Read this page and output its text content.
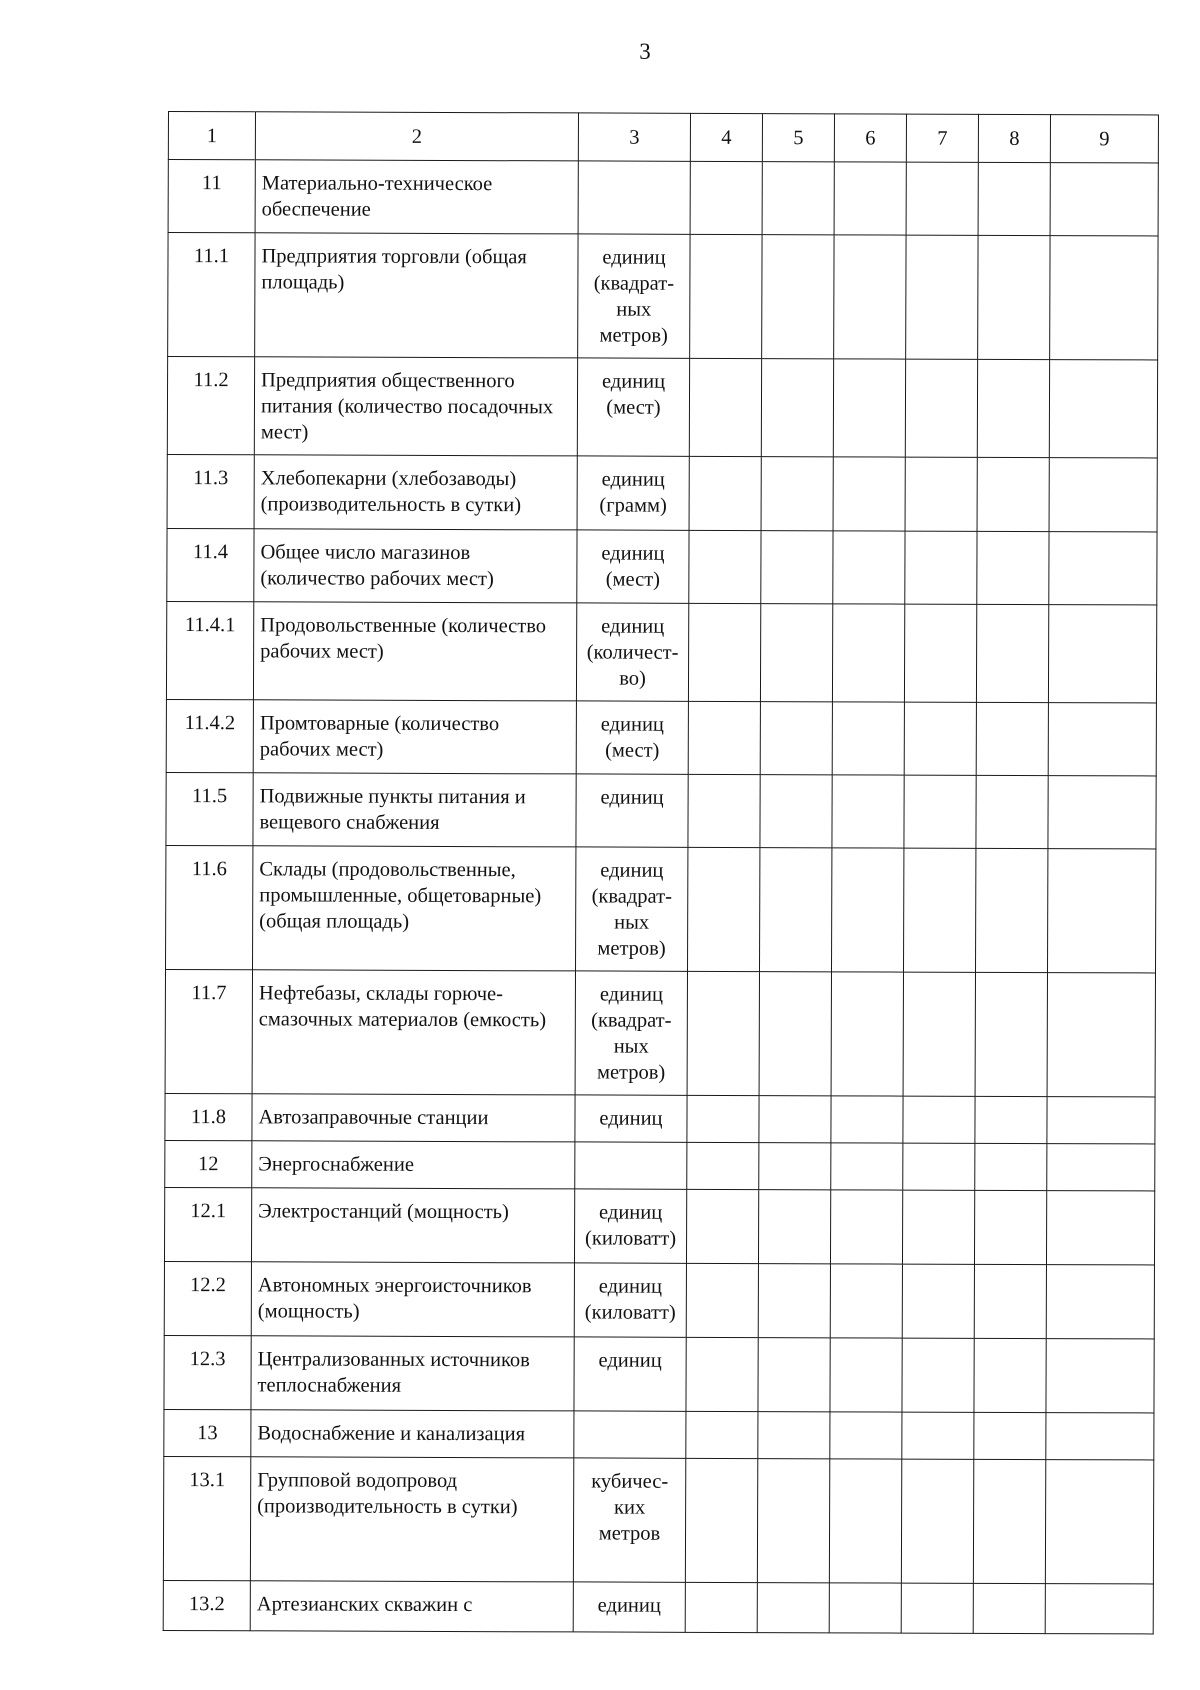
3
1	2	3	4	5	6	7	8	9
11	Материально-техническое обеспечение							
11.1	Предприятия торговли (общая площадь)	единиц
(квадрат-
ных
метров)						

11.2	Предприятия общественного питания (количество посадочных мест)	единиц
(мест)						

11.3	Хлебопекарни (хлебозаводы) (производительность в сутки)	единиц
(грамм)						

11.4	Общее число магазинов (количество рабочих мест)	единиц
(мест)						

11.4.1	Продовольственные (количество рабочих мест)	единиц
(количест-
во)						

11.4.2	Промтоварные (количество рабочих мест)	единиц
(мест)						

11.5	Подвижные пункты питания и вещевого снабжения	единиц						

11.6	Склады (продовольственные, промышленные, общетоварные) (общая площадь)	единиц
(квадрат-
ных
метров)						

11.7	Нефтебазы, склады горюче-смазочных материалов (емкость)	единиц
(квадрат-
ных
метров)						

11.8	Автозаправочные станции	единиц						

12	Энергоснабжение							
12.1	Электростанций (мощность)	единиц
(киловатт)						

12.2	Автономных энергоисточников (мощность)	единиц
(киловатт)						

12.3	Централизованных источников теплоснабжения	единиц						

13	Водоснабжение и канализация							
13.1	Групповой водопровод (производительность в сутки)	кубичес-
ких
метров						

13.2	Артезианских скважин с	единиц						
